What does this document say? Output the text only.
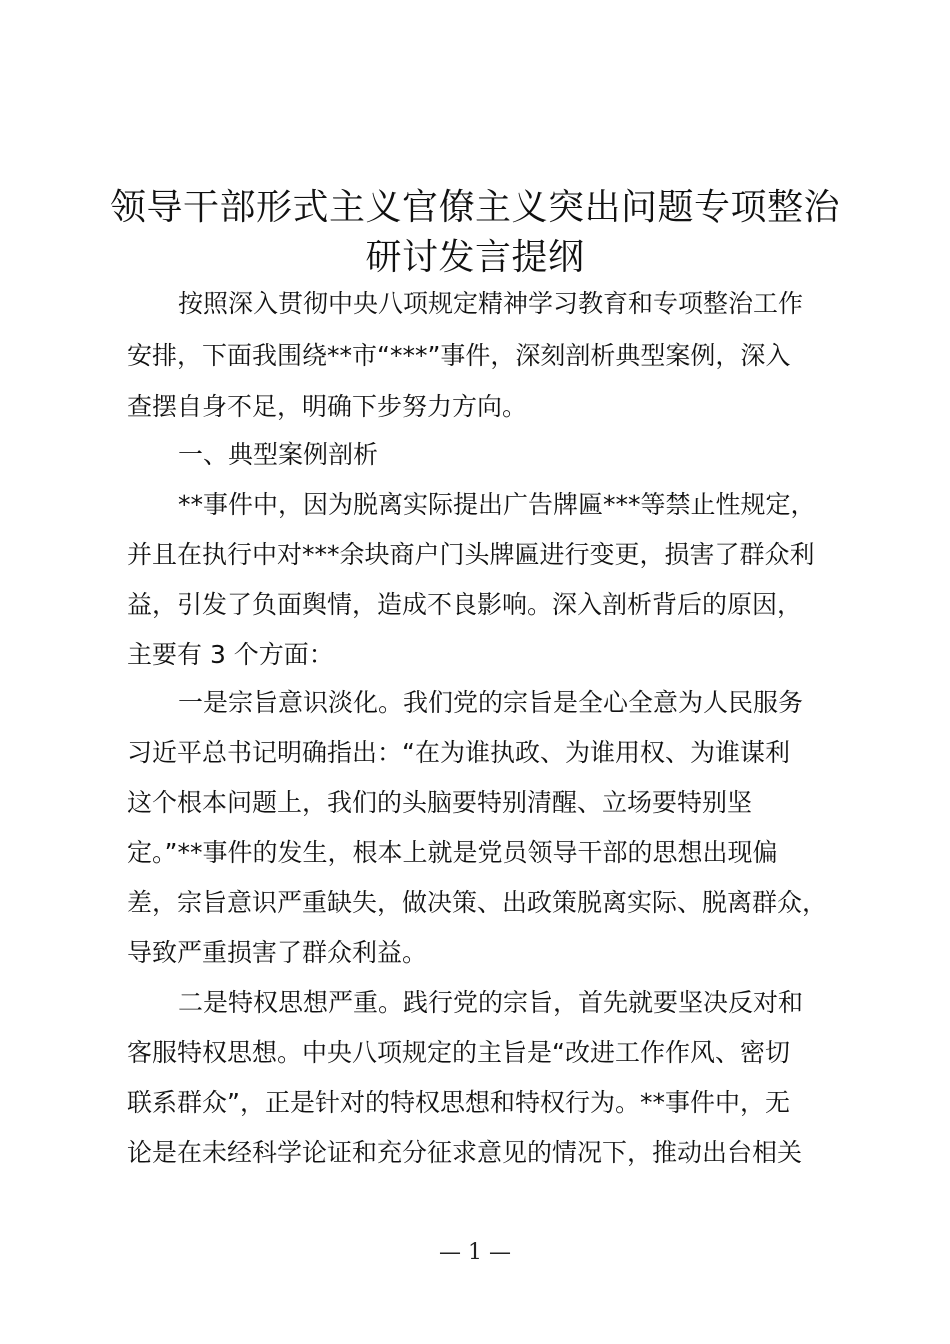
领导干部形式主义官僚主义突出问题专项整治
研讨发言提纲
按照深入贯彻中央八项规定精神学习教育和专项整治工作
安排，下面我围绕**市“***”事件，深刻剖析典型案例，深入
查摆自身不足，明确下步努力方向。
一、典型案例剖析
**事件中，因为脱离实际提出广告牌匾***等禁止性规定，
并且在执行中对***余块商户门头牌匾进行变更，损害了群众利
益，引发了负面舆情，造成不良影响。深入剖析背后的原因，
主要有 3 个方面：
一是宗旨意识淡化。我们党的宗旨是全心全意为人民服务
习近平总书记明确指出：“在为谁执政、为谁用权、为谁谋利
这个根本问题上，我们的头脑要特别清醒、立场要特别坚
定。”**事件的发生，根本上就是党员领导干部的思想出现偏
差，宗旨意识严重缺失，做决策、出政策脱离实际、脱离群众，
导致严重损害了群众利益。
二是特权思想严重。践行党的宗旨，首先就要坚决反对和
客服特权思想。中央八项规定的主旨是“改进工作作风、密切
联系群众”，正是针对的特权思想和特权行为。**事件中，无
论是在未经科学论证和充分征求意见的情况下，推动出台相关
— 1 —
